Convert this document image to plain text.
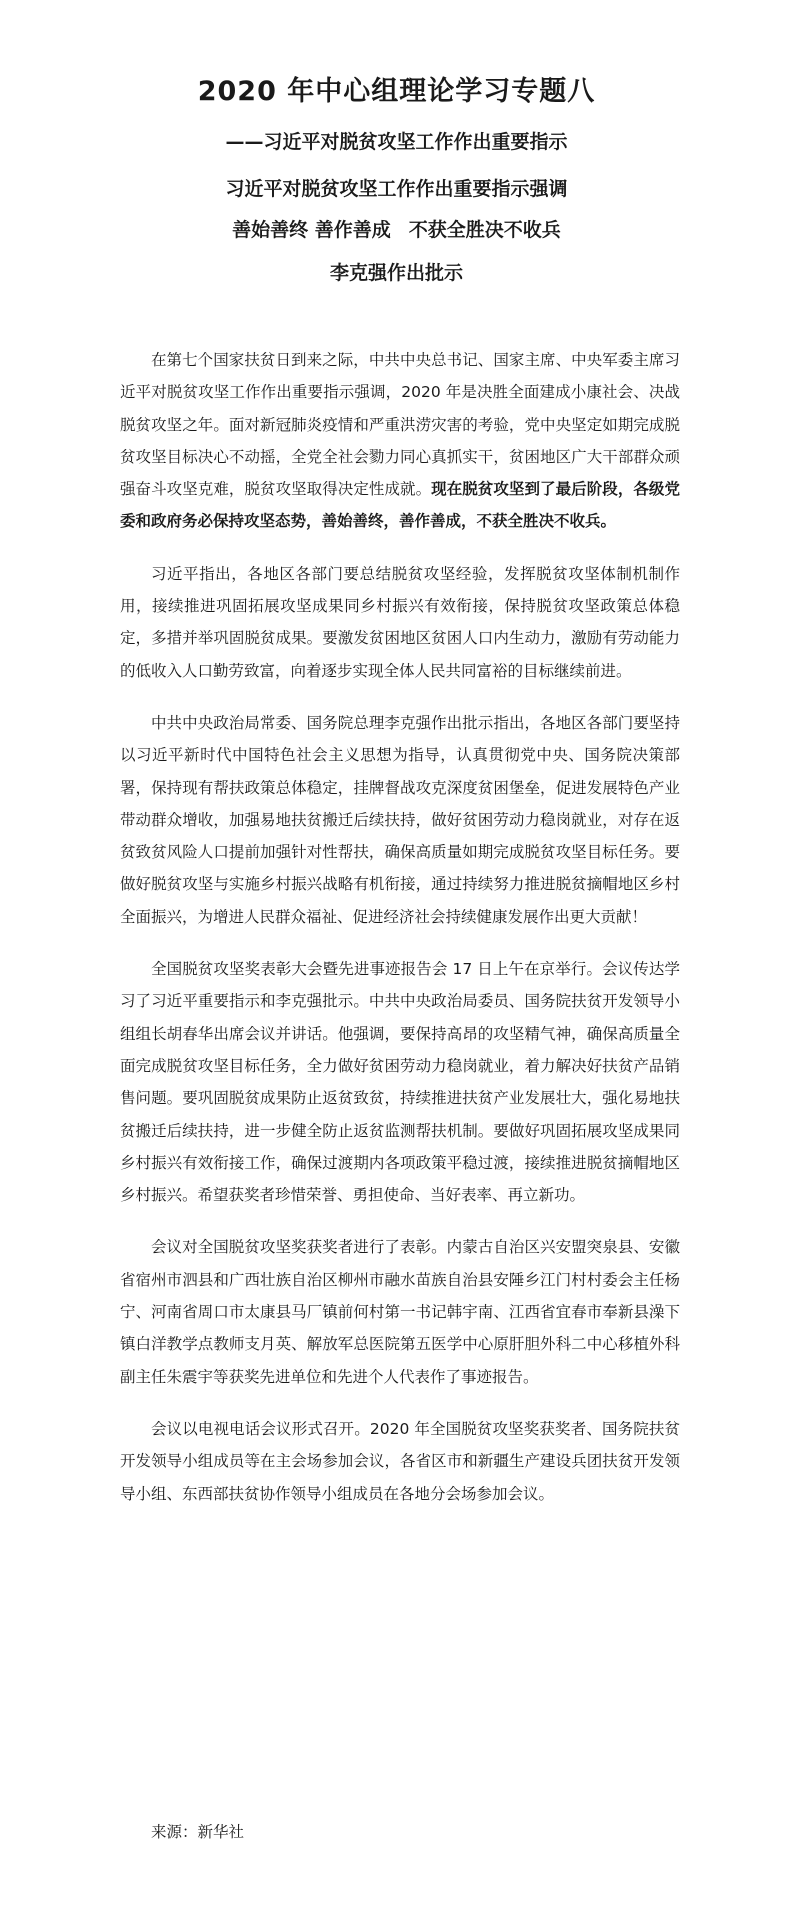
2020 年中心组理论学习专题八
——习近平对脱贫攻坚工作作出重要指示
习近平对脱贫攻坚工作作出重要指示强调
善始善终 善作善成 不获全胜决不收兵
李克强作出批示

在第七个国家扶贫日到来之际，中共中央总书记、国家主席、中央军委主席习近平对脱贫攻坚工作作出重要指示强调，2020 年是决胜全面建成小康社会、决战脱贫攻坚之年。面对新冠肺炎疫情和严重洪涝灾害的考验，党中央坚定如期完成脱贫攻坚目标决心不动摇，全党全社会勠力同心真抓实干，贫困地区广大干部群众顽强奋斗攻坚克难，脱贫攻坚取得决定性成就。现在脱贫攻坚到了最后阶段，各级党委和政府务必保持攻坚态势，善始善终，善作善成，不获全胜决不收兵。

习近平指出，各地区各部门要总结脱贫攻坚经验，发挥脱贫攻坚体制机制作用，接续推进巩固拓展攻坚成果同乡村振兴有效衔接，保持脱贫攻坚政策总体稳定，多措并举巩固脱贫成果。要激发贫困地区贫困人口内生动力，激励有劳动能力的低收入人口勤劳致富，向着逐步实现全体人民共同富裕的目标继续前进。

中共中央政治局常委、国务院总理李克强作出批示指出，各地区各部门要坚持以习近平新时代中国特色社会主义思想为指导，认真贯彻党中央、国务院决策部署，保持现有帮扶政策总体稳定，挂牌督战攻克深度贫困堡垒，促进发展特色产业带动群众增收，加强易地扶贫搬迁后续扶持，做好贫困劳动力稳岗就业，对存在返贫致贫风险人口提前加强针对性帮扶，确保高质量如期完成脱贫攻坚目标任务。要做好脱贫攻坚与实施乡村振兴战略有机衔接，通过持续努力推进脱贫摘帽地区乡村全面振兴，为增进人民群众福祉、促进经济社会持续健康发展作出更大贡献！

全国脱贫攻坚奖表彰大会暨先进事迹报告会 17 日上午在京举行。会议传达学习了习近平重要指示和李克强批示。中共中央政治局委员、国务院扶贫开发领导小组组长胡春华出席会议并讲话。他强调，要保持高昂的攻坚精气神，确保高质量全面完成脱贫攻坚目标任务，全力做好贫困劳动力稳岗就业，着力解决好扶贫产品销售问题。要巩固脱贫成果防止返贫致贫，持续推进扶贫产业发展壮大，强化易地扶贫搬迁后续扶持，进一步健全防止返贫监测帮扶机制。要做好巩固拓展攻坚成果同乡村振兴有效衔接工作，确保过渡期内各项政策平稳过渡，接续推进脱贫摘帽地区乡村振兴。希望获奖者珍惜荣誉、勇担使命、当好表率、再立新功。

会议对全国脱贫攻坚奖获奖者进行了表彰。内蒙古自治区兴安盟突泉县、安徽省宿州市泗县和广西壮族自治区柳州市融水苗族自治县安陲乡江门村村委会主任杨宁、河南省周口市太康县马厂镇前何村第一书记韩宇南、江西省宜春市奉新县澡下镇白洋教学点教师支月英、解放军总医院第五医学中心原肝胆外科二中心移植外科副主任朱震宇等获奖先进单位和先进个人代表作了事迹报告。

会议以电视电话会议形式召开。2020 年全国脱贫攻坚奖获奖者、国务院扶贫开发领导小组成员等在主会场参加会议，各省区市和新疆生产建设兵团扶贫开发领导小组、东西部扶贫协作领导小组成员在各地分会场参加会议。

来源：新华社
